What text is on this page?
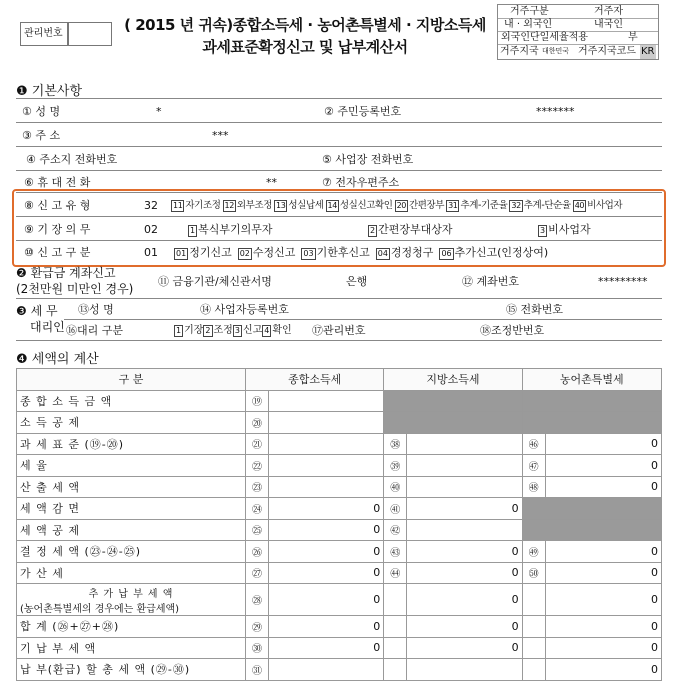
관리번호	( 2015 년 귀속)종합소득세 · 농어촌특별세 · 지방소득세
과세표준확정신고 및 납부계산서
거주구분	거주자
내 · 외국인	내국인
외국인단일세율적용	부
거주지국 대한민국 거주지국코드 KR
❶ 기본사항
① 성 명	*	② 주민등록번호	*******
③ 주 소	***
④ 주소지 전화번호	⑤ 사업장 전화번호
⑥ 휴 대 전 화	**	⑦ 전자우편주소
⑧ 신 고 유 형	32 11 자기조정 12 외부조정 13 성실납세 14 성실신고확인 20 간편장부 31 추계-기준율 32 추계-단순율 40 비사업자
⑨ 기 장 의 무	02	1 복식부기의무자	2 간편장부대상자	3 비사업자
⑩ 신 고 구 분	01 01 정기신고 02 수정신고 03 기한후신고 04 경정청구 06 추가신고(인정상여)
❷ 환급금 계좌신고
(2천만원 미만인 경우)
⑪ 금융기관/체신관서명	은행	⑫ 계좌번호	*********
❸ 세 무
대리인
⑬성 명	⑭ 사업자등록번호	⑮ 전화번호
⑯대리 구분	1 기장 2 조정 3 신고 4 확인 ⑰관리번호	⑱조정반번호
❹ 세액의 계산
구 분	종합소득세		지방소득세		농어촌특별세	

종 합 소 득 금 액	⑲					

소 득 공 제	⑳					

과 세 표 준 (⑲-⑳)	㉑		㊳		㊻	0

세 율	㉒		㊴		㊼	0

산 출 세 액	㉓		㊵		㊽	0

세 액 감 면	㉔	0	㊶	0		

세 액 공 제	㉕	0	㊷			

결 정 세 액 (㉓-㉔-㉕)	㉖	0	㊸	0	㊾	0

가 산 세	㉗	0	㊹	0	㊿	0

추 가 납 부 세 액
(농어촌특별세의 경우에는 환급세액)	㉘	0		0		0

합 계 (㉖+㉗+㉘)	㉙	0		0		0

기 납 부 세 액	㉚	0		0		0

납 부(환급) 할 총 세 액 (㉙-㉚)	㉛					0
